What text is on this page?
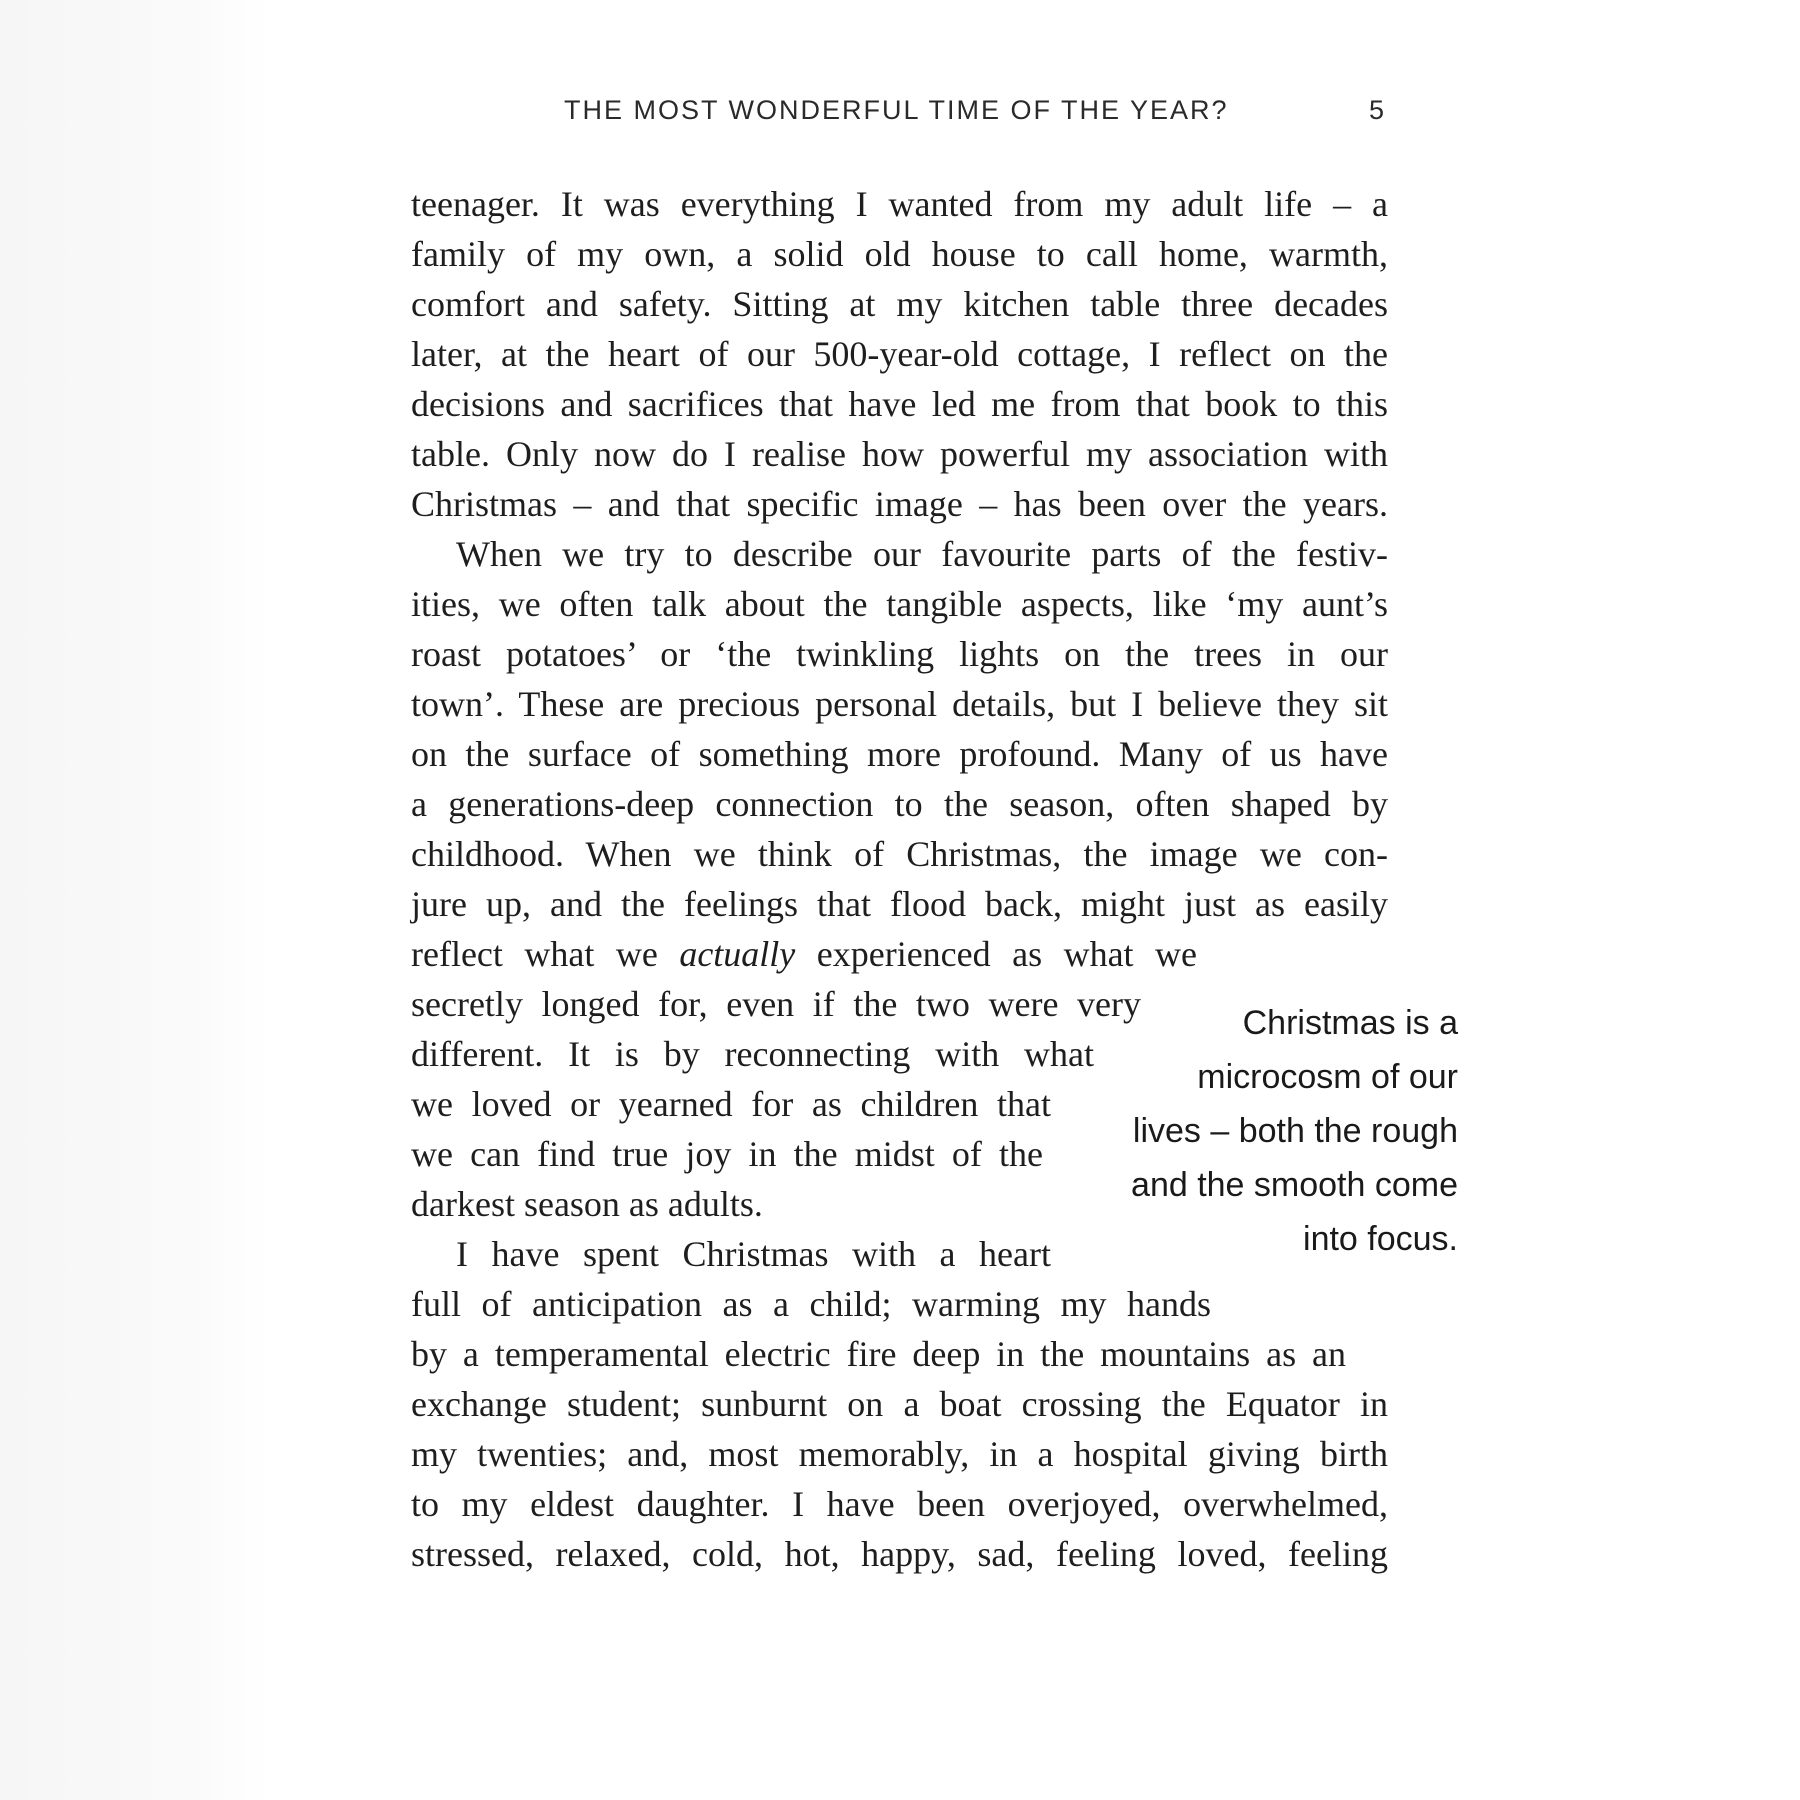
THE MOST WONDERFUL TIME OF THE YEAR?	5
teenager. It was everything I wanted from my adult life – a
family of my own, a solid old house to call home, warmth,
comfort and safety. Sitting at my kitchen table three decades
later, at the heart of our 500-year-old cottage, I reflect on the
decisions and sacrifices that have led me from that book to this
table. Only now do I realise how powerful my association with
Christmas – and that specific image – has been over the years.
When we try to describe our favourite parts of the festiv-
ities, we often talk about the tangible aspects, like ‘my aunt’s
roast potatoes’ or ‘the twinkling lights on the trees in our
town’. These are precious personal details, but I believe they sit
on the surface of something more profound. Many of us have
a generations-deep connection to the season, often shaped by
childhood. When we think of Christmas, the image we con-
jure up, and the feelings that flood back, might just as easily
reflect what we actually experienced as what we
secretly longed for, even if the two were very
different. It is by reconnecting with what
we loved or yearned for as children that
we can find true joy in the midst of the
darkest season as adults.
I have spent Christmas with a heart
full of anticipation as a child; warming my hands
by a temperamental electric fire deep in the mountains as an
exchange student; sunburnt on a boat crossing the Equator in
my twenties; and, most memorably, in a hospital giving birth
to my eldest daughter. I have been overjoyed, overwhelmed,
stressed, relaxed, cold, hot, happy, sad, feeling loved, feeling
Christmas is a
microcosm of our
lives – both the rough
and the smooth come
into focus.
